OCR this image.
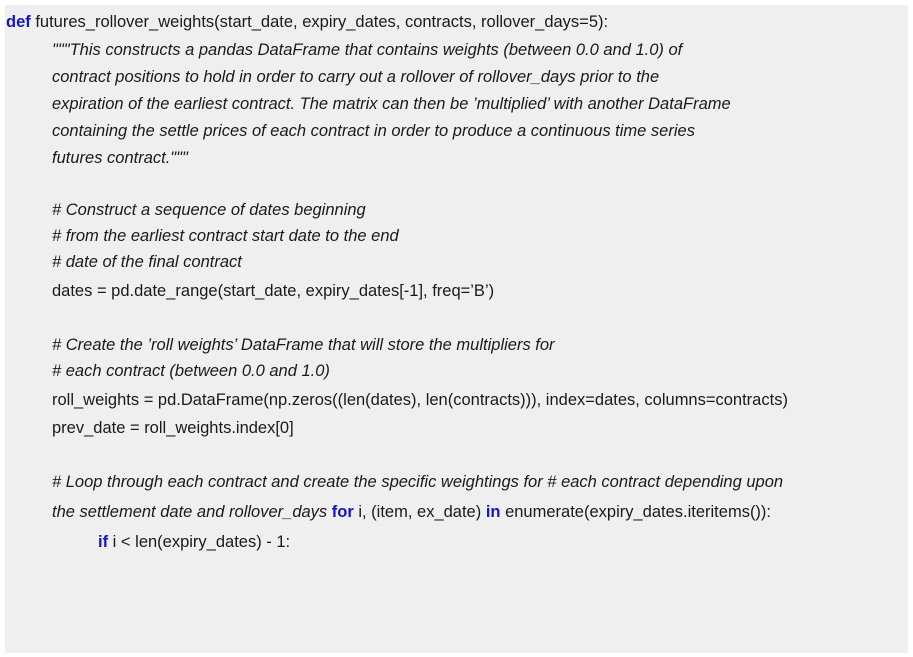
def futures_rollover_weights(start_date, expiry_dates, contracts, rollover_days=5):
"""This constructs a pandas DataFrame that contains weights (between 0.0 and 1.0) of
contract positions to hold in order to carry out a rollover of rollover_days prior to the
expiration of the earliest contract. The matrix can then be ’multiplied’ with another DataFrame
containing the settle prices of each contract in order to produce a continuous time series
futures contract."""
# Construct a sequence of dates beginning
# from the earliest contract start date to the end
# date of the final contract
dates = pd.date_range(start_date, expiry_dates[-1], freq=’B’)
# Create the ’roll weights’ DataFrame that will store the multipliers for
# each contract (between 0.0 and 1.0)
roll_weights = pd.DataFrame(np.zeros((len(dates), len(contracts))), index=dates, columns=contracts)
prev_date = roll_weights.index[0]
# Loop through each contract and create the specific weightings for # each contract depending upon
the settlement date and rollover_days for i, (item, ex_date) in enumerate(expiry_dates.iteritems()):
if i < len(expiry_dates) - 1:
